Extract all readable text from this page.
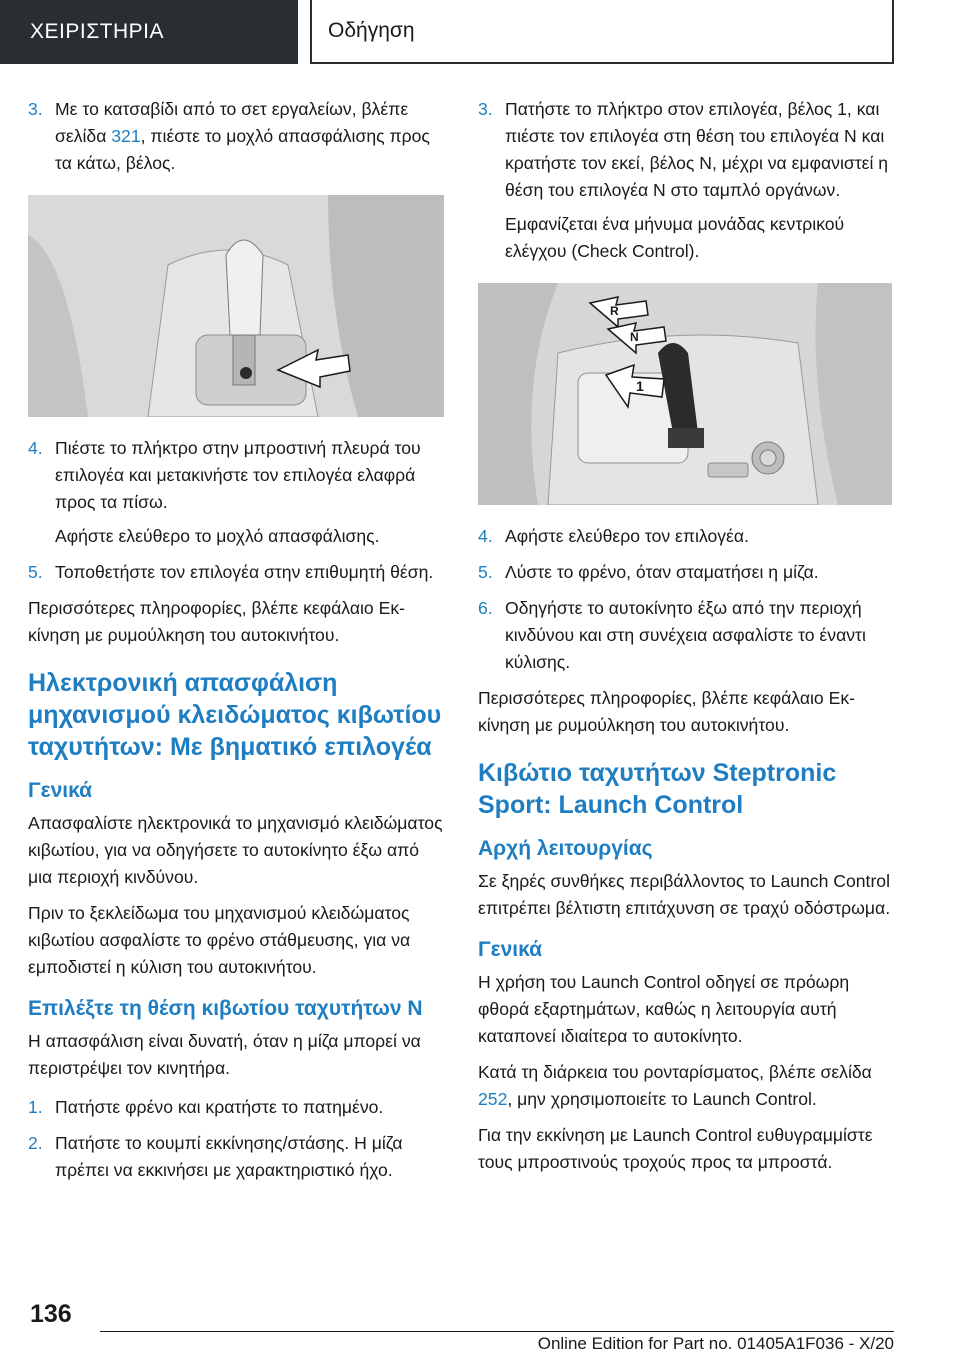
ΧΕΙΡΙΣΤΗΡΙΑ	Οδήγηση
3. Με το κατσαβίδι από το σετ εργαλείων, βλέπε σελίδα 321, πιέστε το μοχλό απασφάλισης προς τα κάτω, βέλος.
4. Πιέστε το πλήκτρο στην μπροστινή πλευρά του επιλογέα και μετακινήστε τον επιλογέα ελαφρά προς τα πίσω.
Αφήστε ελεύθερο το μοχλό απασφάλισης.
5. Τοποθετήστε τον επιλογέα στην επιθυμητή θέση.

Περισσότερες πληροφορίες, βλέπε κεφάλαιο Εκκίνηση με ρυμούλκηση του αυτοκινήτου.

Ηλεκτρονική απασφάλιση μηχανισμού κλειδώματος κιβωτίου ταχυτήτων: Με βηματικό επιλογέα
Γενικά

Απασφαλίστε ηλεκτρονικά το μηχανισμό κλειδώματος κιβωτίου, για να οδηγήσετε το αυτοκίνητο έξω από μια περιοχή κινδύνου.

Πριν το ξεκλείδωμα του μηχανισμού κλειδώματος κιβωτίου ασφαλίστε το φρένο στάθμευσης, για να εμποδιστεί η κύλιση του αυτοκινήτου.

Επιλέξτε τη θέση κιβωτίου ταχυτήτων N

Η απασφάλιση είναι δυνατή, όταν η μίζα μπορεί να περιστρέψει τον κινητήρα.

1. Πατήστε φρένο και κρατήστε το πατημένο.
2. Πατήστε το κουμπί εκκίνησης/στάσης. Η μίζα πρέπει να εκκινήσει με χαρακτηριστικό ήχο.
3. Πατήστε το πλήκτρο στον επιλογέα, βέλος 1, και πιέστε τον επιλογέα στη θέση του επιλογέα N και κρατήστε τον εκεί, βέλος N, μέχρι να εμφανιστεί η θέση του επιλογέα N στο ταμπλό οργάνων.
Εμφανίζεται ένα μήνυμα μονάδας κεντρικού ελέγχου (Check Control).
R
N
1
4. Αφήστε ελεύθερο τον επιλογέα.
5. Λύστε το φρένο, όταν σταματήσει η μίζα.
6. Οδηγήστε το αυτοκίνητο έξω από την περιοχή κινδύνου και στη συνέχεια ασφαλίστε το έναντι κύλισης.

Περισσότερες πληροφορίες, βλέπε κεφάλαιο Εκκίνηση με ρυμούλκηση του αυτοκινήτου.

Κιβώτιο ταχυτήτων Steptronic Sport: Launch Control
Αρχή λειτουργίας

Σε ξηρές συνθήκες περιβάλλοντος το Launch Control επιτρέπει βέλτιστη επιτάχυνση σε τραχύ οδόστρωμα.

Γενικά

Η χρήση του Launch Control οδηγεί σε πρόωρη φθορά εξαρτημάτων, καθώς η λειτουργία αυτή καταπονεί ιδιαίτερα το αυτοκίνητο.

Κατά τη διάρκεια του ρονταρίσματος, βλέπε σελίδα 252, μην χρησιμοποιείτε το Launch Control.

Για την εκκίνηση με Launch Control ευθυγραμμίστε τους μπροστινούς τροχούς προς τα μπροστά.

136
Online Edition for Part no. 01405A1F036 - X/20
